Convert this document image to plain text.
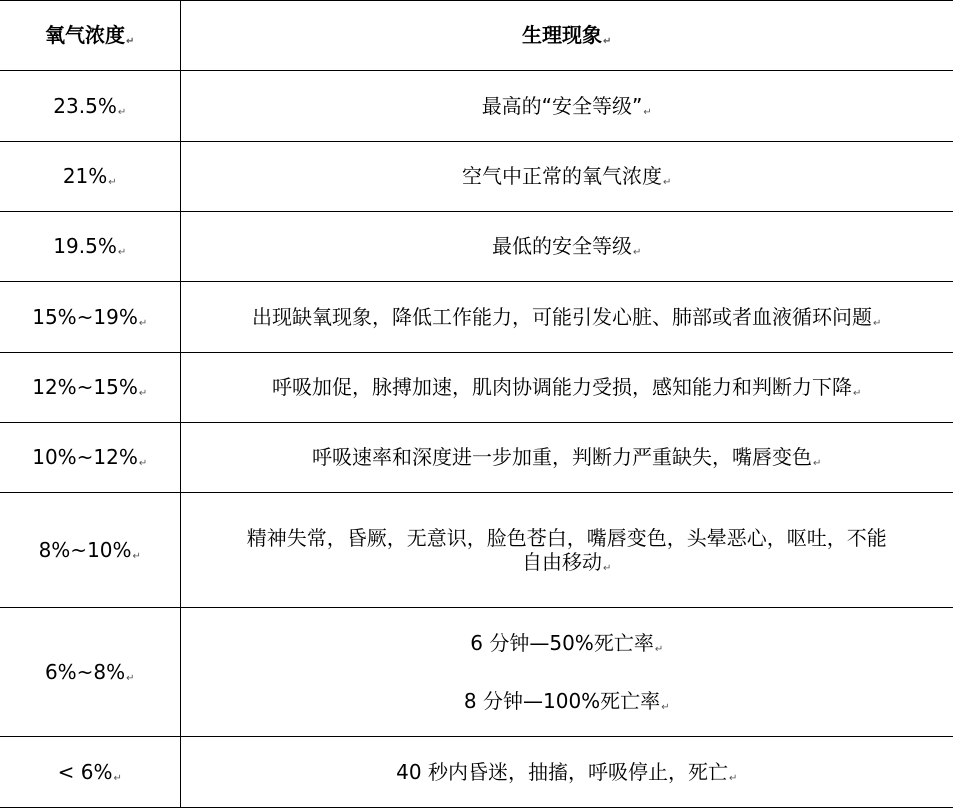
氧气浓度↵	生理现象↵
23.5%↵	最高的“安全等级”↵
21%↵	空气中正常的氧气浓度↵
19.5%↵	最低的安全等级↵
15%~19%↵	出现缺氧现象，降低工作能力，可能引发心脏、肺部或者血液循环问题↵
12%~15%↵	呼吸加促，脉搏加速，肌肉协调能力受损，感知能力和判断力下降↵
10%~12%↵	呼吸速率和深度进一步加重，判断力严重缺失，嘴唇变色↵
8%~10%↵	精神失常，昏厥，无意识，脸色苍白，嘴唇变色，头晕恶心，呕吐，不能
自由移动↵

6%~8%↵	6 分钟—50%死亡率↵
8 分钟—100%死亡率↵

< 6%↵	40 秒内昏迷，抽搐，呼吸停止，死亡↵
